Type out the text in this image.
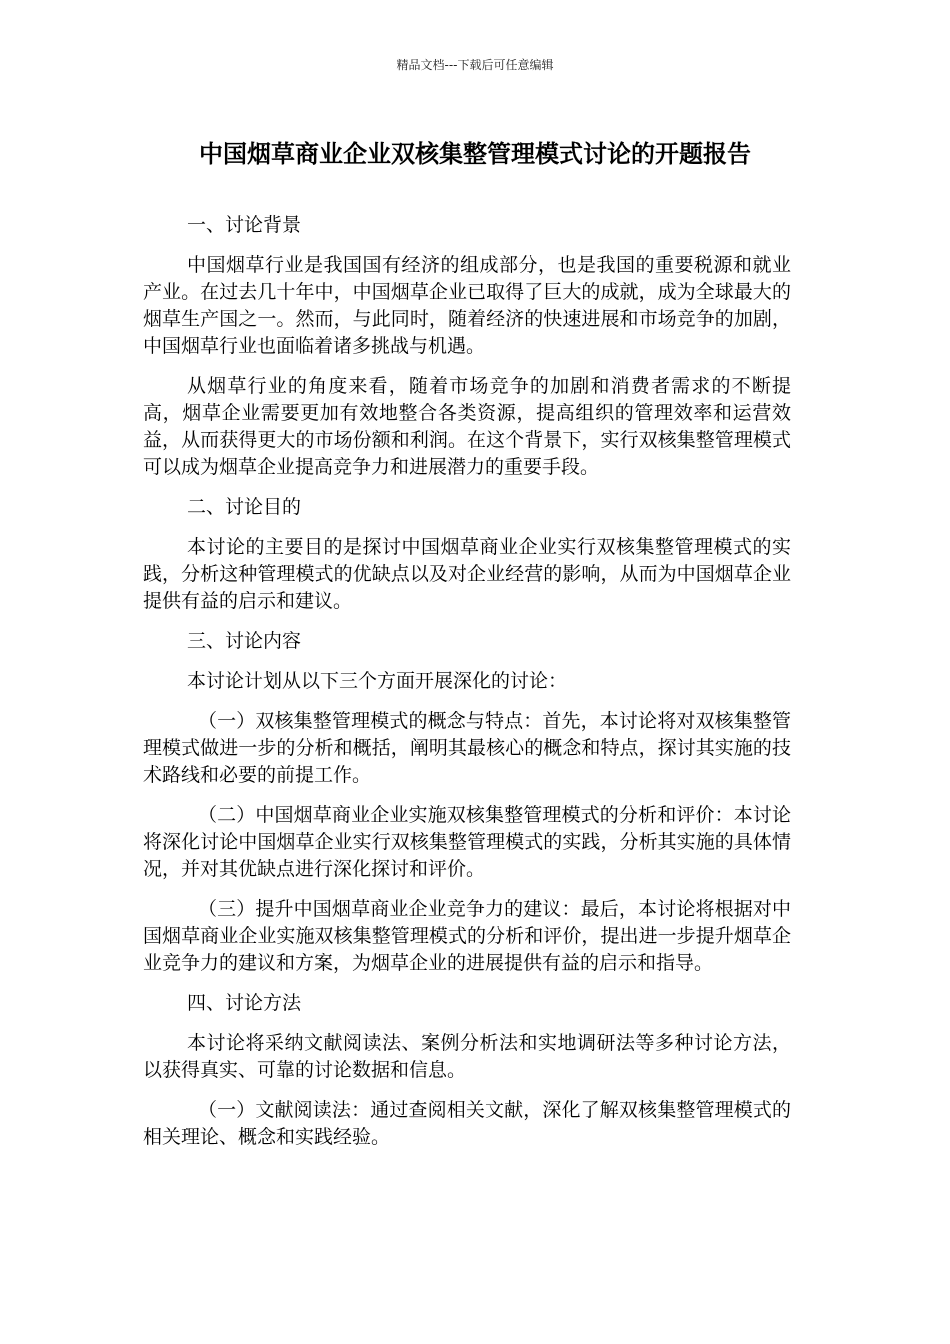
精品文档---下载后可任意编辑
中国烟草商业企业双核集整管理模式讨论的开题报告

一、讨论背景

中国烟草行业是我国国有经济的组成部分，也是我国的重要税源和就业产业。在过去几十年中，中国烟草企业已取得了巨大的成就，成为全球最大的烟草生产国之一。然而，与此同时，随着经济的快速进展和市场竞争的加剧，中国烟草行业也面临着诸多挑战与机遇。

从烟草行业的角度来看，随着市场竞争的加剧和消费者需求的不断提高，烟草企业需要更加有效地整合各类资源，提高组织的管理效率和运营效益，从而获得更大的市场份额和利润。在这个背景下，实行双核集整管理模式可以成为烟草企业提高竞争力和进展潜力的重要手段。

二、讨论目的

本讨论的主要目的是探讨中国烟草商业企业实行双核集整管理模式的实践，分析这种管理模式的优缺点以及对企业经营的影响，从而为中国烟草企业提供有益的启示和建议。

三、讨论内容

本讨论计划从以下三个方面开展深化的讨论：

（一）双核集整管理模式的概念与特点：首先，本讨论将对双核集整管理模式做进一步的分析和概括，阐明其最核心的概念和特点，探讨其实施的技术路线和必要的前提工作。

（二）中国烟草商业企业实施双核集整管理模式的分析和评价：本讨论将深化讨论中国烟草企业实行双核集整管理模式的实践，分析其实施的具体情况，并对其优缺点进行深化探讨和评价。

（三）提升中国烟草商业企业竞争力的建议：最后，本讨论将根据对中国烟草商业企业实施双核集整管理模式的分析和评价，提出进一步提升烟草企业竞争力的建议和方案，为烟草企业的进展提供有益的启示和指导。

四、讨论方法

本讨论将采纳文献阅读法、案例分析法和实地调研法等多种讨论方法，以获得真实、可靠的讨论数据和信息。

（一）文献阅读法：通过查阅相关文献，深化了解双核集整管理模式的相关理论、概念和实践经验。
